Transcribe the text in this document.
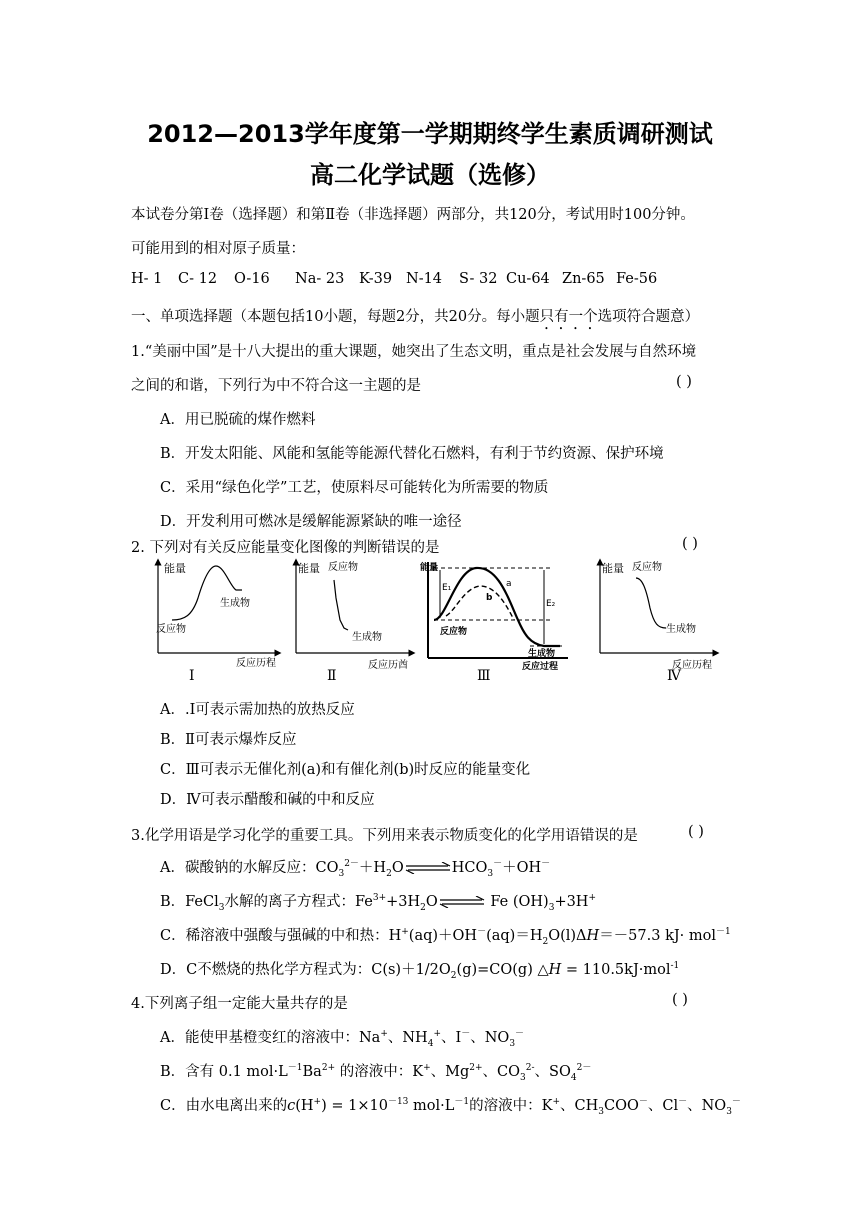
2012—2013学年度第一学期期终学生素质调研测试
高二化学试题（选修）
本试卷分第Ⅰ卷（选择题）和第Ⅱ卷（非选择题）两部分，共120分，考试用时100分钟。
可能用到的相对原子质量：
H- 1 C- 12 O-16 Na- 23 K-39 N-14 S- 32 Cu-64 Zn-65 Fe-56
一、单项选择题（本题包括10小题，每题2分，共20分。每小题只有一个选项符合题意）
1.“美丽中国”是十八大提出的重大课题，她突出了生态文明，重点是社会发展与自然环境
之间的和谐，下列行为中不符合这一主题的是	( )
A．用已脱硫的煤作燃料
B．开发太阳能、风能和氢能等能源代替化石燃料，有利于节约资源、保护环境
C．采用“绿色化学”工艺，使原料尽可能转化为所需要的物质
D．开发利用可燃冰是缓解能源紧缺的唯一途径
2. 下列对有关反应能量变化图像的判断错误的是	( )
能量
生成物
反应物
反应历程
能量 反应物
生成物
反应历酋
能量
E₁
E₂
a
b
反应物
生成物
反应过程
能量 反应物
生成物
反应历程
Ⅰ	Ⅱ	Ⅲ	Ⅳ
A．.Ⅰ可表示需加热的放热反应
B．Ⅱ可表示爆炸反应
C．Ⅲ可表示无催化剂(a)和有催化剂(b)时反应的能量变化
D．Ⅳ可表示醋酸和碱的中和反应
3.化学用语是学习化学的重要工具。下列用来表示物质变化的化学用语错误的是	( )
A．碳酸钠的水解反应：$CO_3^{2-}+H_2O\rightleftharpoons HCO_3^-+OH^-$
B．FeCl$_3$水解的离子方程式：$Fe^{3+}+3H_2O\rightleftharpoons$ Fe $(OH)_3+3H^+$
C．稀溶液中强酸与强碱的中和热：$H^+(aq)+OH^-(aq)=H_2O(l)\Delta H=-57.3$ kJ· mol$^{-1}$
D．C不燃烧的热化学方程式为：$C(s)+1/2O_2(g)=CO(g)$ △H = 110.5kJ·mol$^{-1}$
4.下列离子组一定能大量共存的是	( )
A．能使甲基橙变红的溶液中：Na+、$NH_4^+$、I－、$NO_3^-$
B．含有 0.1 $mol\cdot L^{-1}Ba^{2+}$ 的溶液中：K+、$Mg^{2+}$、$CO_3^{2-}$、$SO_4^{2-}$
C．由水电离出来的$c(H^+) = 1\times 10^{-13}$ $mol\cdot L^{-1}$的溶液中：K+、$CH_3COO^-$、Cl－、$NO_3^-$
